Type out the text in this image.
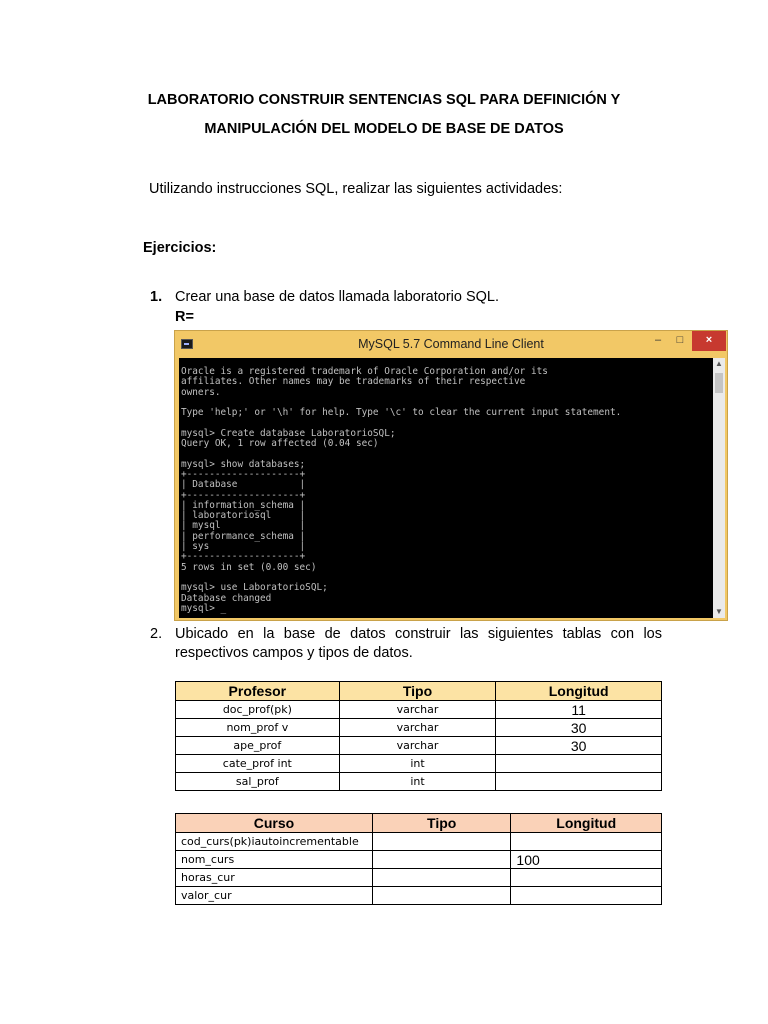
LABORATORIO CONSTRUIR SENTENCIAS SQL PARA DEFINICIÓN Y
MANIPULACIÓN DEL MODELO DE BASE DE DATOS
Utilizando instrucciones SQL, realizar las siguientes actividades:
Ejercicios:
1. Crear una base de datos llamada laboratorio SQL.
R=
MySQL 5.7 Command Line Client	–	□	×
Oracle is a registered trademark of Oracle Corporation and/or its
affiliates. Other names may be trademarks of their respective
owners.

Type 'help;' or '\h' for help. Type '\c' to clear the current input statement.

mysql> Create database LaboratorioSQL;
Query OK, 1 row affected (0.04 sec)

mysql> show databases;
+--------------------+
| Database           |
+--------------------+
| information_schema |
| laboratoriosql     |
| mysql              |
| performance_schema |
| sys                |
+--------------------+
5 rows in set (0.00 sec)

mysql> use LaboratorioSQL;
Database changed
mysql> _
▲
▼
2. Ubicado en la base de datos construir las siguientes tablas con los respectivos campos y tipos de datos.
Profesor	Tipo	Longitud
doc_prof(pk)	varchar	11
nom_prof v	varchar	30
ape_prof	varchar	30
cate_prof int	int	
sal_prof	int	
Curso	Tipo	Longitud
cod_curs(pk)iautoincrementable		
nom_curs		100
horas_cur		
valor_cur		
